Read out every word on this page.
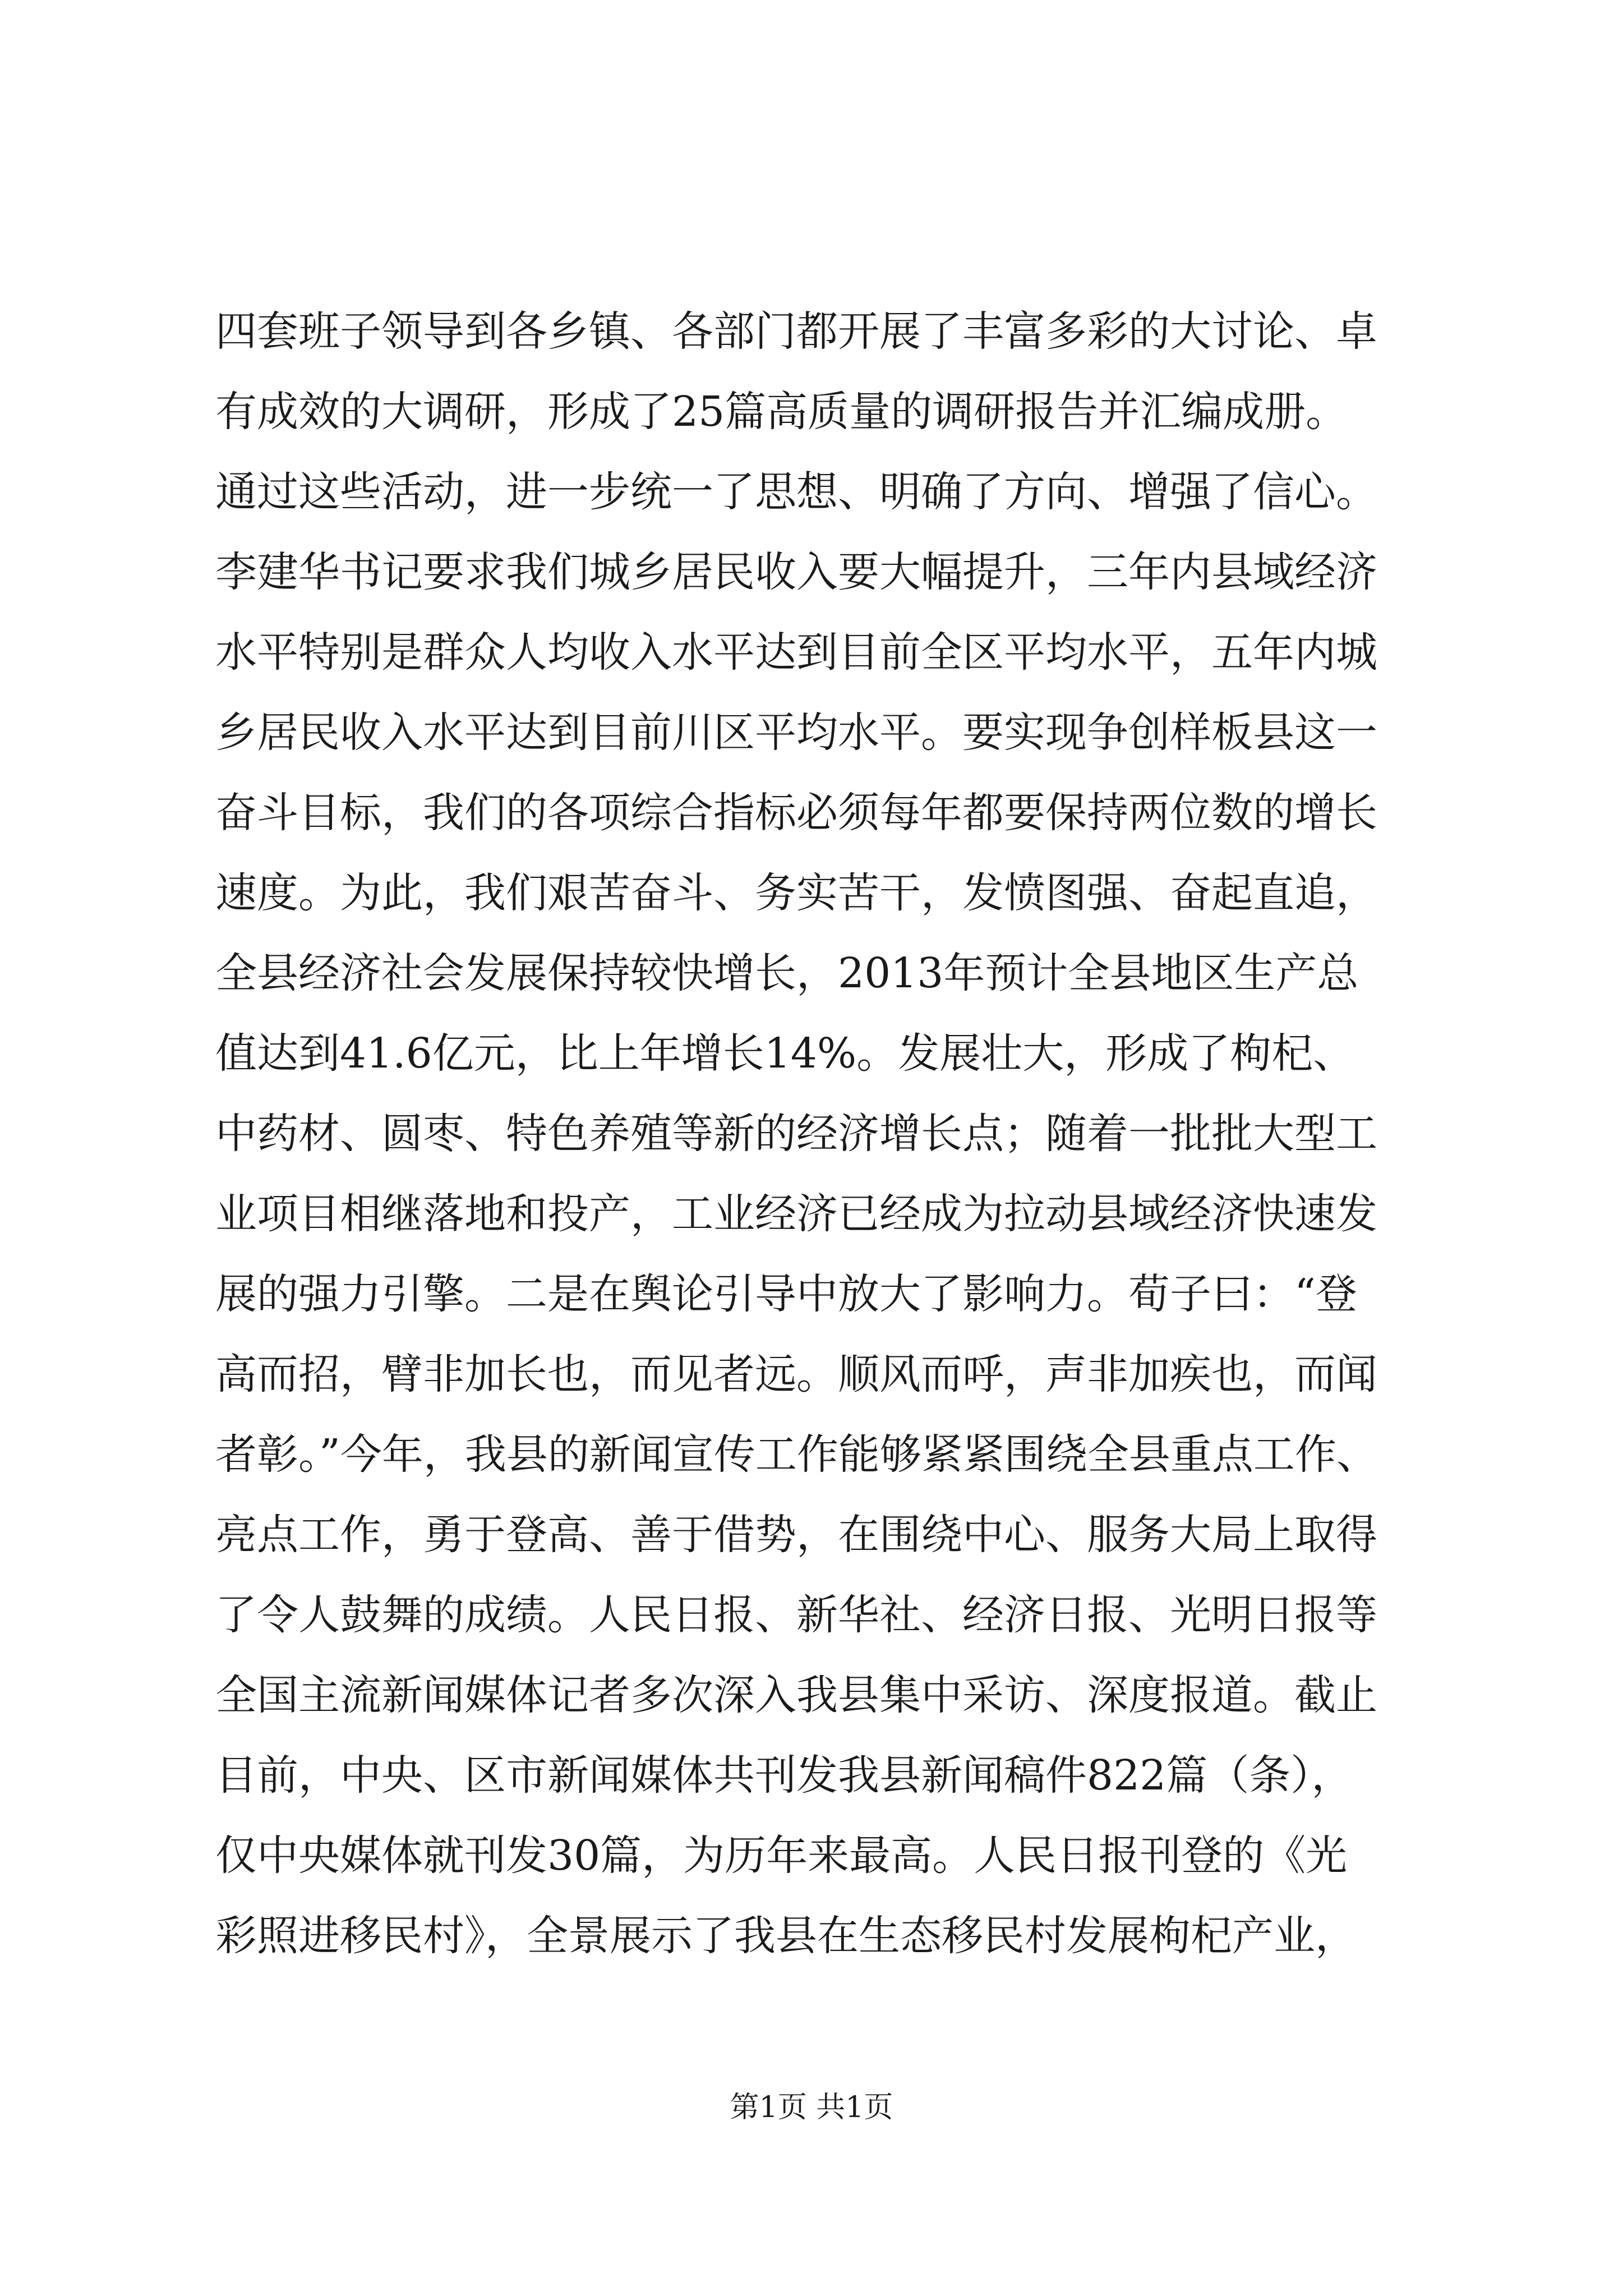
四套班子领导到各乡镇、各部门都开展了丰富多彩的大讨论、卓
有成效的大调研，形成了25篇高质量的调研报告并汇编成册。
通过这些活动，进一步统一了思想、明确了方向、增强了信心。
李建华书记要求我们城乡居民收入要大幅提升，三年内县域经济
水平特别是群众人均收入水平达到目前全区平均水平，五年内城
乡居民收入水平达到目前川区平均水平。要实现争创样板县这一
奋斗目标，我们的各项综合指标必须每年都要保持两位数的增长
速度。为此，我们艰苦奋斗、务实苦干，发愤图强、奋起直追，
全县经济社会发展保持较快增长，2013年预计全县地区生产总
值达到41.6亿元，比上年增长14%。发展壮大，形成了枸杞、
中药材、圆枣、特色养殖等新的经济增长点；随着一批批大型工
业项目相继落地和投产，工业经济已经成为拉动县域经济快速发
展的强力引擎。二是在舆论引导中放大了影响力。荀子曰：“登
高而招，臂非加长也，而见者远。顺风而呼，声非加疾也，而闻
者彰。”今年，我县的新闻宣传工作能够紧紧围绕全县重点工作、
亮点工作，勇于登高、善于借势，在围绕中心、服务大局上取得
了令人鼓舞的成绩。人民日报、新华社、经济日报、光明日报等
全国主流新闻媒体记者多次深入我县集中采访、深度报道。截止
目前，中央、区市新闻媒体共刊发我县新闻稿件822篇（条），
仅中央媒体就刊发30篇，为历年来最高。人民日报刊登的《光
彩照进移民村》，全景展示了我县在生态移民村发展枸杞产业，
第1页 共1页
